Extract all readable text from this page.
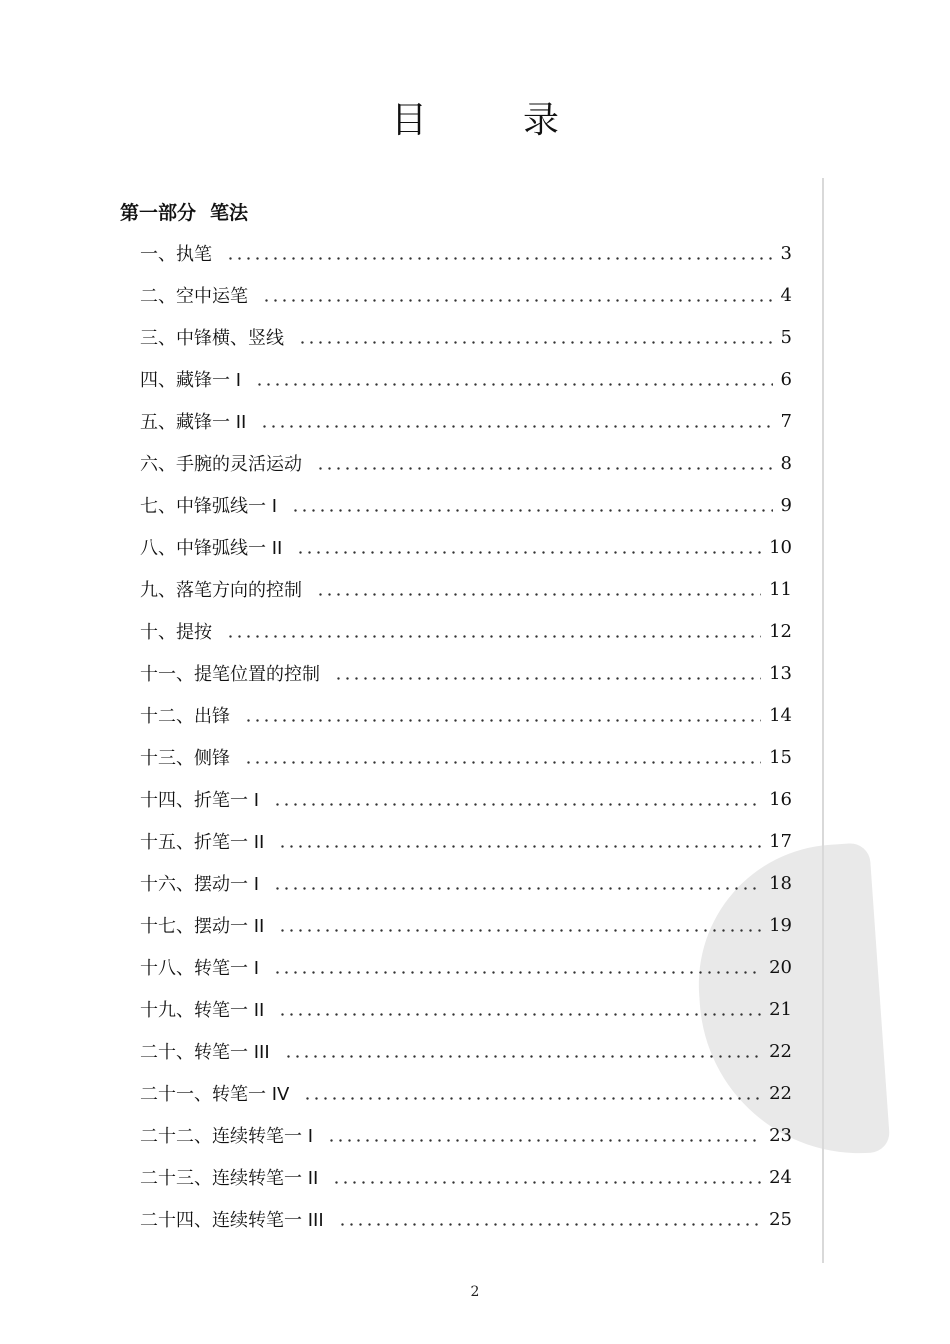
目　录
第一部分 笔法
一、执笔	3
二、空中运笔	4
三、中锋横、竖线	5
四、藏锋一 I	6
五、藏锋一 II	7
六、手腕的灵活运动	8
七、中锋弧线一 I	9
八、中锋弧线一 II	10
九、落笔方向的控制	11
十、提按	12
十一、提笔位置的控制	13
十二、出锋	14
十三、侧锋	15
十四、折笔一 I	16
十五、折笔一 II	17
十六、摆动一 I	18
十七、摆动一 II	19
十八、转笔一 I	20
十九、转笔一 II	21
二十、转笔一 III	22
二十一、转笔一 IV	22
二十二、连续转笔一 I	23
二十三、连续转笔一 II	24
二十四、连续转笔一 III	25
2
